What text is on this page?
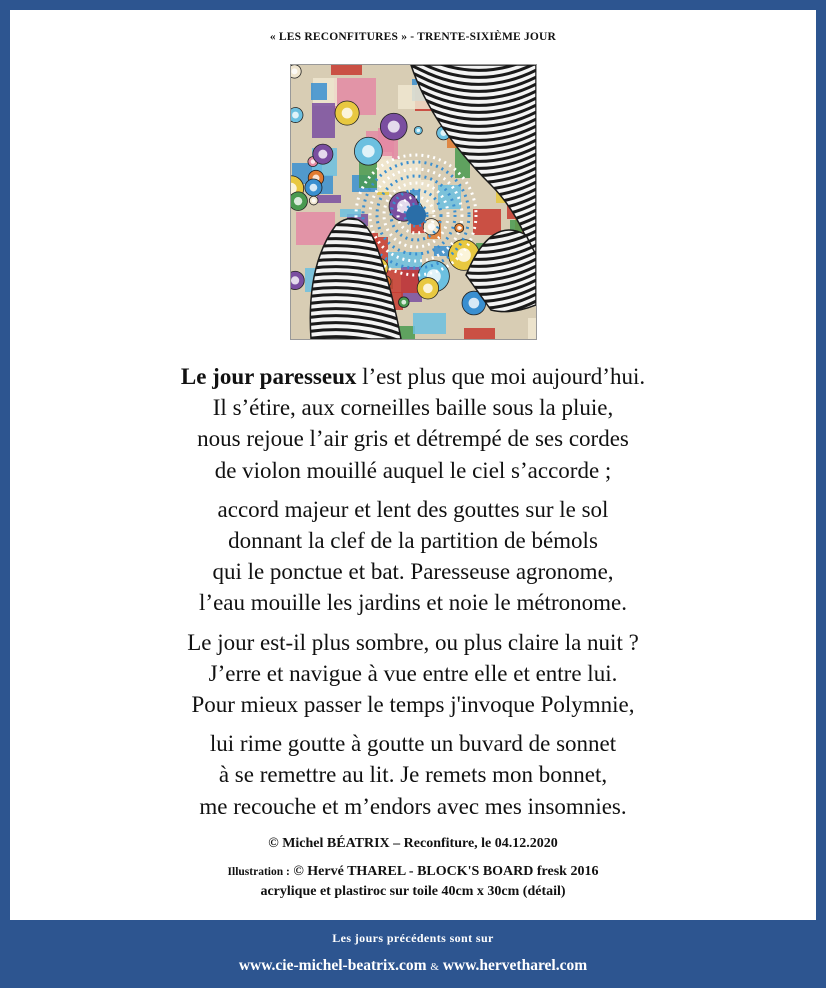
« LES RECONFITURES » - TRENTE-SIXIÈME JOUR
Le jour paresseux l’est plus que moi aujourd’hui.
Il s’étire, aux corneilles baille sous la pluie,
nous rejoue l’air gris et détrempé de ses cordes
de violon mouillé auquel le ciel s’accorde ;
accord majeur et lent des gouttes sur le sol
donnant la clef de la partition de bémols
qui le ponctue et bat. Paresseuse agronome,
l’eau mouille les jardins et noie le métronome.
Le jour est-il plus sombre, ou plus claire la nuit ?
J’erre et navigue à vue entre elle et entre lui.
Pour mieux passer le temps j'invoque Polymnie,
lui rime goutte à goutte un buvard de sonnet
à se remettre au lit. Je remets mon bonnet,
me recouche et m’endors avec mes insomnies.
© Michel BÉATRIX – Reconfiture, le 04.12.2020
Illustration : © Hervé THAREL - BLOCK'S BOARD fresk 2016
acrylique et plastiroc sur toile 40cm x 30cm (détail)
Les jours précédents sont sur
www.cie-michel-beatrix.com & www.hervetharel.com
